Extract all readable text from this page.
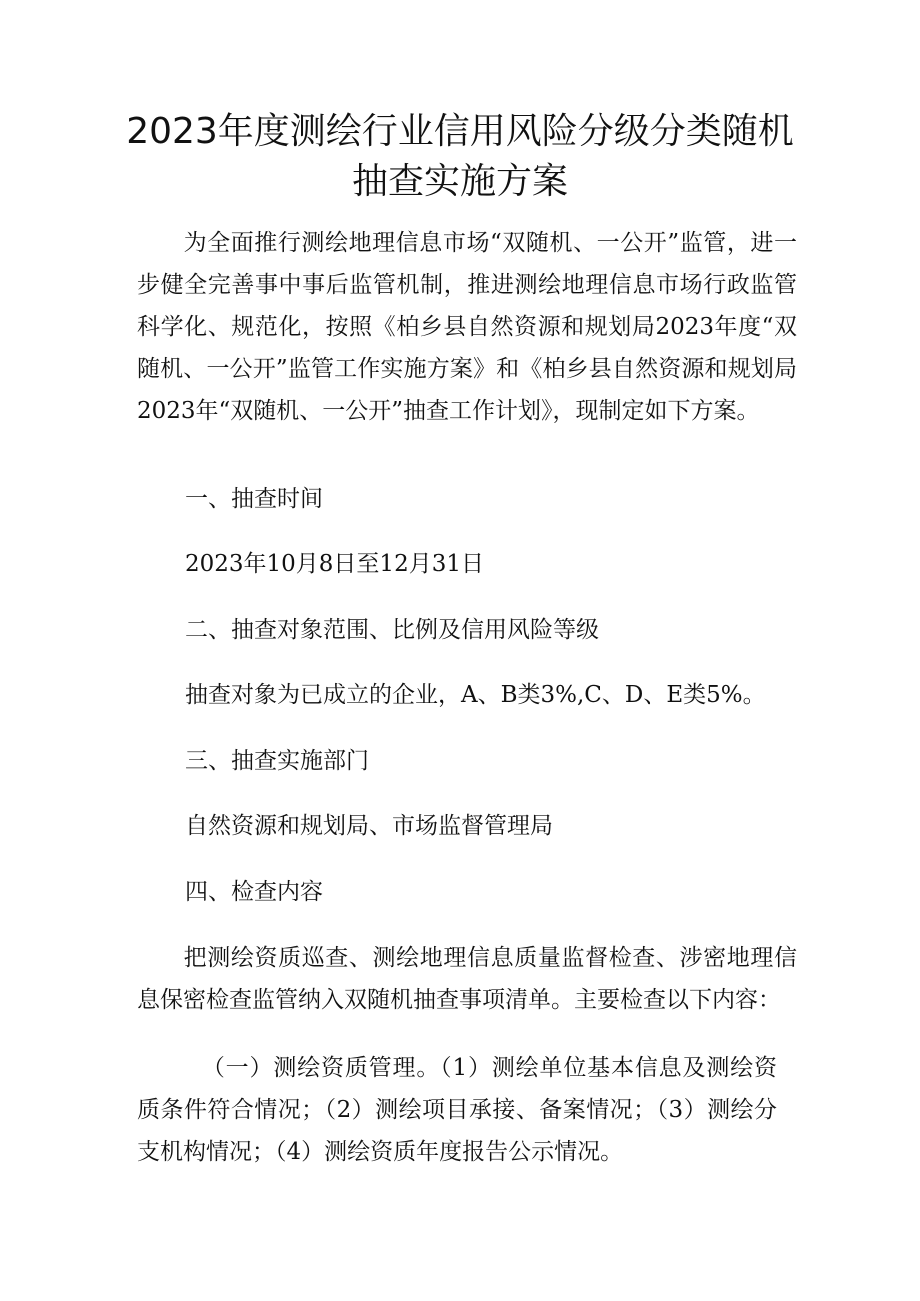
2023年度测绘行业信用风险分级分类随机
抽查实施方案
为全面推行测绘地理信息市场“双随机、一公开”监管，进一步健全完善事中事后监管机制，推进测绘地理信息市场行政监管科学化、规范化，按照《柏乡县自然资源和规划局2023年度“双随机、一公开”监管工作实施方案》和《柏乡县自然资源和规划局2023年“双随机、一公开”抽查工作计划》，现制定如下方案。
一、抽查时间
2023年10月8日至12月31日
二、抽查对象范围、比例及信用风险等级
抽查对象为已成立的企业，A、B类3%,C、D、E类5%。
三、抽查实施部门
自然资源和规划局、市场监督管理局
四、检查内容
把测绘资质巡查、测绘地理信息质量监督检查、涉密地理信息保密检查监管纳入双随机抽查事项清单。主要检查以下内容：
（一）测绘资质管理。（1）测绘单位基本信息及测绘资质条件符合情况；（2）测绘项目承接、备案情况；（3）测绘分支机构情况；（4）测绘资质年度报告公示情况。
